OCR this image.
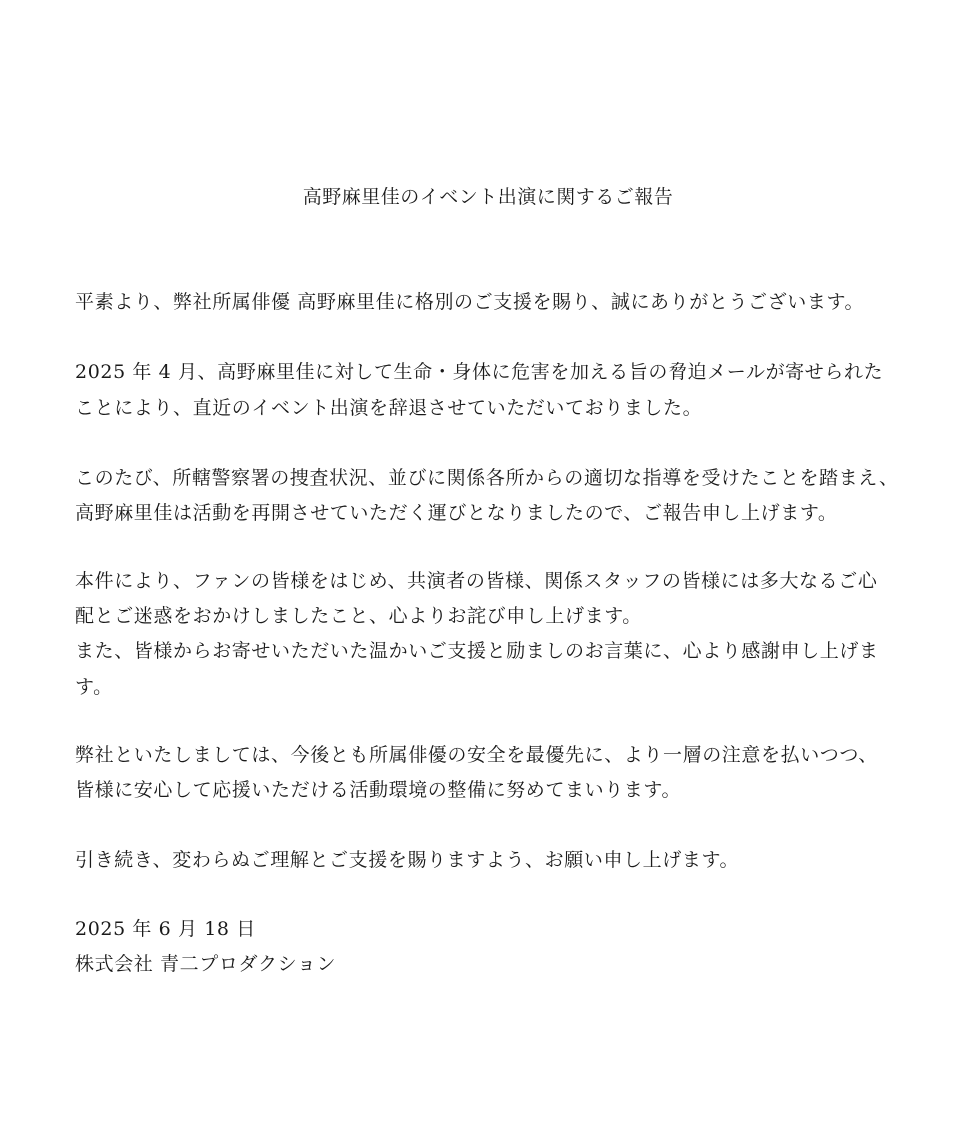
高野麻里佳のイベント出演に関するご報告
平素より、弊社所属俳優 高野麻里佳に格別のご支援を賜り、誠にありがとうございます。
2025 年 4 月、高野麻里佳に対して生命・身体に危害を加える旨の脅迫メールが寄せられた
ことにより、直近のイベント出演を辞退させていただいておりました。
このたび、所轄警察署の捜査状況、並びに関係各所からの適切な指導を受けたことを踏まえ、
高野麻里佳は活動を再開させていただく運びとなりましたので、ご報告申し上げます。
本件により、ファンの皆様をはじめ、共演者の皆様、関係スタッフの皆様には多大なるご心
配とご迷惑をおかけしましたこと、心よりお詫び申し上げます。
また、皆様からお寄せいただいた温かいご支援と励ましのお言葉に、心より感謝申し上げま
す。
弊社といたしましては、今後とも所属俳優の安全を最優先に、より一層の注意を払いつつ、
皆様に安心して応援いただける活動環境の整備に努めてまいります。
引き続き、変わらぬご理解とご支援を賜りますよう、お願い申し上げます。
2025 年 6 月 18 日
株式会社 青二プロダクション
